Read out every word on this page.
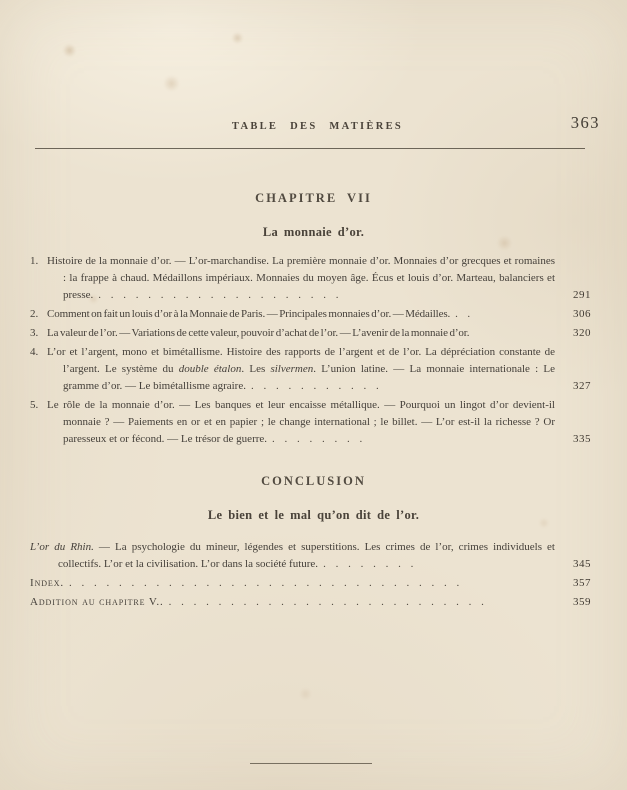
TABLE DES MATIÈRES	363
CHAPITRE VII
La monnaie d’or.
1. Histoire de la monnaie d’or. — L’or-marchandise. La première monnaie d’or. Monnaies d’or grecques et romaines : la frappe à chaud. Médaillons impériaux. Monnaies du moyen âge. Écus et louis d’or. Marteau, balanciers et presse. . . . . . . . . . . . . . . . . . . . .	291
2. Comment on fait un louis d’or à la Monnaie de Paris. — Principales monnaies d’or. — Médailles. . .	306
3. La valeur de l’or. — Variations de cette valeur, pouvoir d’achat de l’or. — L’avenir de la monnaie d’or.	320
4. L’or et l’argent, mono et bimétallisme. Histoire des rapports de l’argent et de l’or. La dépréciation constante de l’argent. Le système du double étalon. Les silvermen. L’union latine. — La monnaie internationale : Le gramme d’or. — Le bimétallisme agraire. . . . . . . . . . . .	327
5. Le rôle de la monnaie d’or. — Les banques et leur encaisse métallique. — Pourquoi un lingot d’or devient-il monnaie ? — Paiements en or et en papier ; le change international ; le billet. — L’or est-il la richesse ? Or paresseux et or fécond. — Le trésor de guerre. . . . . . . . .	335
CONCLUSION
Le bien et le mal qu’on dit de l’or.

L’or du Rhin. — La psychologie du mineur, légendes et superstitions. Les crimes de l’or, crimes individuels et collectifs. L’or et la civilisation. L’or dans la société future. . . . . . . . .	345

Index. . . . . . . . . . . . . . . . . . . . . . . . . . . . . . . . .	357

Addition au chapitre V.. . . . . . . . . . . . . . . . . . . . . . . . . . .	359
